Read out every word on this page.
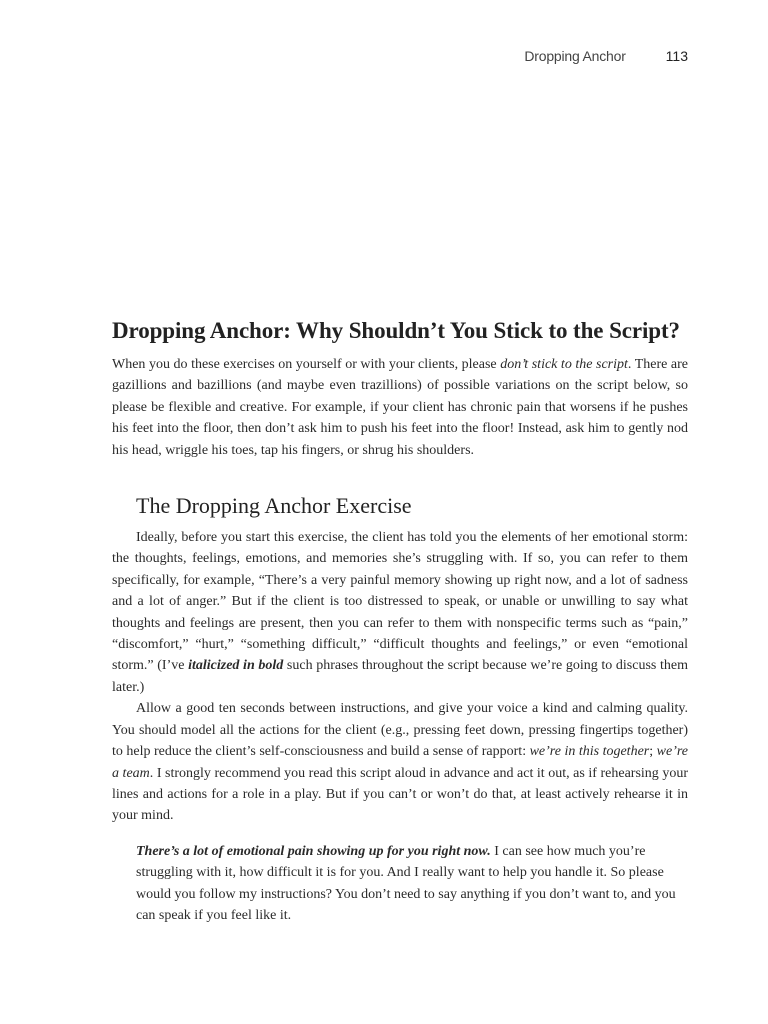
Dropping Anchor	113
Dropping Anchor: Why Shouldn’t You Stick to the Script?

When you do these exercises on yourself or with your clients, please don’t stick to the script. There are gazillions and bazillions (and maybe even trazillions) of possible variations on the script below, so please be flexible and creative. For example, if your client has chronic pain that worsens if he pushes his feet into the floor, then don’t ask him to push his feet into the floor! Instead, ask him to gently nod his head, wriggle his toes, tap his fingers, or shrug his shoulders.

The Dropping Anchor Exercise

Ideally, before you start this exercise, the client has told you the elements of her emotional storm: the thoughts, feelings, emotions, and memories she’s struggling with. If so, you can refer to them specifically, for example, “There’s a very painful memory showing up right now, and a lot of sadness and a lot of anger.” But if the client is too distressed to speak, or unable or unwilling to say what thoughts and feelings are present, then you can refer to them with nonspecific terms such as “pain,” “discomfort,” “hurt,” “something difficult,” “difficult thoughts and feelings,” or even “emotional storm.” (I’ve italicized in bold such phrases throughout the script because we’re going to discuss them later.)

Allow a good ten seconds between instructions, and give your voice a kind and calming quality. You should model all the actions for the client (e.g., pressing feet down, pressing fingertips together) to help reduce the client’s self-consciousness and build a sense of rapport: we’re in this together; we’re a team. I strongly recommend you read this script aloud in advance and act it out, as if rehearsing your lines and actions for a role in a play. But if you can’t or won’t do that, at least actively rehearse it in your mind.

There’s a lot of emotional pain showing up for you right now. I can see how much you’re struggling with it, how difficult it is for you. And I really want to help you handle it. So please would you follow my instructions? You don’t need to say anything if you don’t want to, and you can speak if you feel like it.
